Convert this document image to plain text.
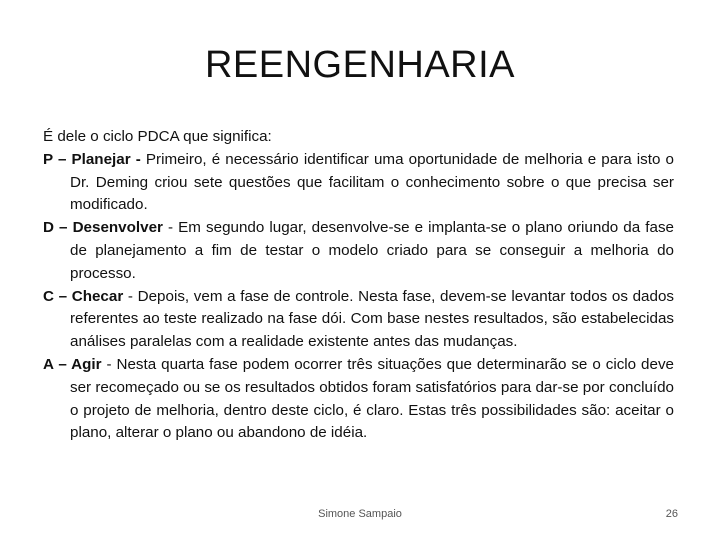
REENGENHARIA

É dele o ciclo PDCA que significa:

P – Planejar - Primeiro, é necessário identificar uma oportunidade de melhoria e para isto o Dr. Deming criou sete questões que facilitam o conhecimento sobre o que precisa ser modificado.

D – Desenvolver - Em segundo lugar, desenvolve-se e implanta-se o plano oriundo da fase de planejamento a fim de testar o modelo criado para se conseguir a melhoria do processo.

C – Checar - Depois, vem a fase de controle. Nesta fase, devem-se levantar todos os dados referentes ao teste realizado na fase dói. Com base nestes resultados, são estabelecidas análises paralelas com a realidade existente antes das mudanças.

A – Agir - Nesta quarta fase podem ocorrer três situações que determinarão se o ciclo deve ser recomeçado ou se os resultados obtidos foram satisfatórios para dar-se por concluído o projeto de melhoria, dentro deste ciclo, é claro. Estas três possibilidades são: aceitar o plano, alterar o plano ou abandono de idéia.

Simone Sampaio	26
